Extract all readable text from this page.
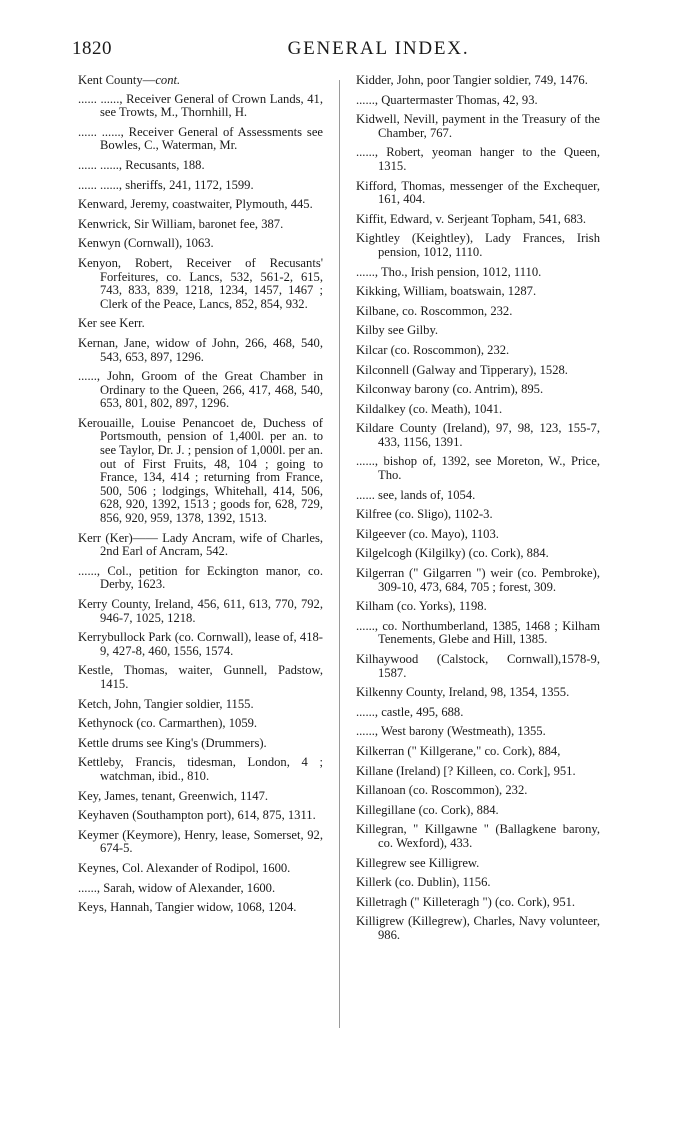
1820	GENERAL INDEX.
Kent County—cont.
...... ......, Receiver General of Crown Lands, 41, see Trowts, M., Thornhill, H.
...... ......, Receiver General of Assessments see Bowles, C., Waterman, Mr.
...... ......, Recusants, 188.
...... ......, sheriffs, 241, 1172, 1599.
Kenward, Jeremy, coastwaiter, Plymouth, 445.
Kenwrick, Sir William, baronet fee, 387.
Kenwyn (Cornwall), 1063.
Kenyon, Robert, Receiver of Recusants' Forfeitures, co. Lancs, 532, 561-2, 615, 743, 833, 839, 1218, 1234, 1457, 1467 ; Clerk of the Peace, Lancs, 852, 854, 932.
Ker see Kerr.
Kernan, Jane, widow of John, 266, 468, 540, 543, 653, 897, 1296.
......, John, Groom of the Great Chamber in Ordinary to the Queen, 266, 417, 468, 540, 653, 801, 802, 897, 1296.
Kerouaille, Louise Penancoet de, Duchess of Portsmouth, pension of 1,400l. per an. to see Taylor, Dr. J. ; pension of 1,000l. per an. out of First Fruits, 48, 104 ; going to France, 134, 414 ; returning from France, 500, 506 ; lodgings, Whitehall, 414, 506, 628, 920, 1392, 1513 ; goods for, 628, 729, 856, 920, 959, 1378, 1392, 1513.
Kerr (Ker)—— Lady Ancram, wife of Charles, 2nd Earl of Ancram, 542.
......, Col., petition for Eckington manor, co. Derby, 1623.
Kerry County, Ireland, 456, 611, 613, 770, 792, 946-7, 1025, 1218.
Kerrybullock Park (co. Cornwall), lease of, 418-9, 427-8, 460, 1556, 1574.
Kestle, Thomas, waiter, Gunnell, Padstow, 1415.
Ketch, John, Tangier soldier, 1155.
Kethynock (co. Carmarthen), 1059.
Kettle drums see King's (Drummers).
Kettleby, Francis, tidesman, London, 4 ; watchman, ibid., 810.
Key, James, tenant, Greenwich, 1147.
Keyhaven (Southampton port), 614, 875, 1311.
Keymer (Keymore), Henry, lease, Somerset, 92, 674-5.
Keynes, Col. Alexander of Rodipol, 1600.
......, Sarah, widow of Alexander, 1600.
Keys, Hannah, Tangier widow, 1068, 1204.
Kidder, John, poor Tangier soldier, 749, 1476.
......, Quartermaster Thomas, 42, 93.
Kidwell, Nevill, payment in the Treasury of the Chamber, 767.
......, Robert, yeoman hanger to the Queen, 1315.
Kifford, Thomas, messenger of the Exchequer, 161, 404.
Kiffit, Edward, v. Serjeant Topham, 541, 683.
Kightley (Keightley), Lady Frances, Irish pension, 1012, 1110.
......, Tho., Irish pension, 1012, 1110.
Kikking, William, boatswain, 1287.
Kilbane, co. Roscommon, 232.
Kilby see Gilby.
Kilcar (co. Roscommon), 232.
Kilconnell (Galway and Tipperary), 1528.
Kilconway barony (co. Antrim), 895.
Kildalkey (co. Meath), 1041.
Kildare County (Ireland), 97, 98, 123, 155-7, 433, 1156, 1391.
......, bishop of, 1392, see Moreton, W., Price, Tho.
...... see, lands of, 1054.
Kilfree (co. Sligo), 1102-3.
Kilgeever (co. Mayo), 1103.
Kilgelcogh (Kilgilky) (co. Cork), 884.
Kilgerran (" Gilgarren ") weir (co. Pembroke), 309-10, 473, 684, 705 ; forest, 309.
Kilham (co. Yorks), 1198.
......, co. Northumberland, 1385, 1468 ; Kilham Tenements, Glebe and Hill, 1385.
Kilhaywood (Calstock, Cornwall),1578-9, 1587.
Kilkenny County, Ireland, 98, 1354, 1355.
......, castle, 495, 688.
......, West barony (Westmeath), 1355.
Kilkerran (" Killgerane," co. Cork), 884,
Killane (Ireland) [? Killeen, co. Cork], 951.
Killanoan (co. Roscommon), 232.
Killegillane (co. Cork), 884.
Killegran, " Killgawne " (Ballagkene barony, co. Wexford), 433.
Killegrew see Killigrew.
Killerk (co. Dublin), 1156.
Killetragh (" Killeteragh ") (co. Cork), 951.
Killigrew (Killegrew), Charles, Navy volunteer, 986.
